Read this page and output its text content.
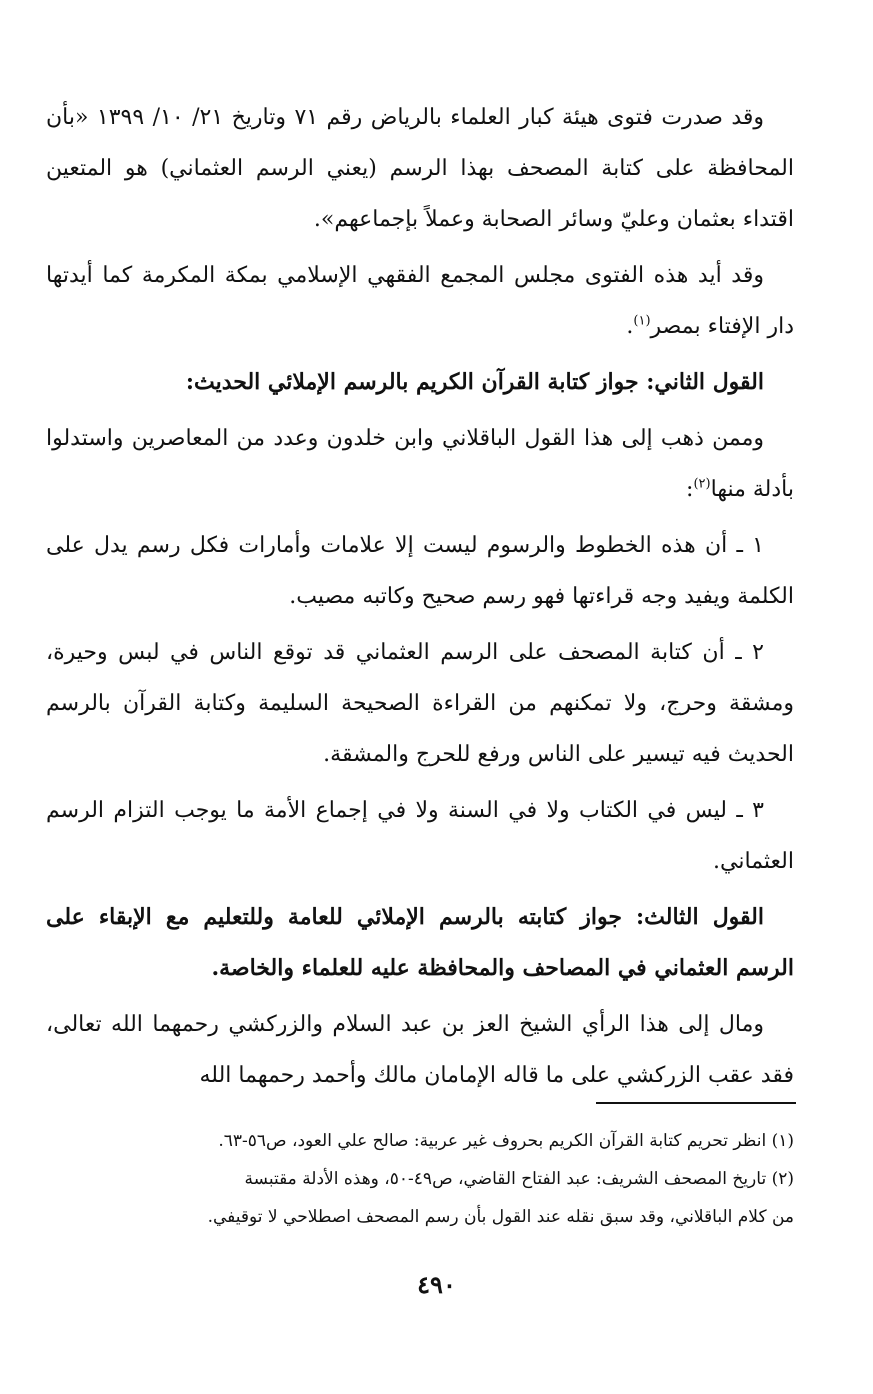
وقد صدرت فتوى هيئة كبار العلماء بالرياض رقم ٧١ وتاريخ ٢١/ ١٠/ ١٣٩٩ «بأن المحافظة على كتابة المصحف بهذا الرسم (يعني الرسم العثماني) هو المتعين اقتداء بعثمان وعليّ وسائر الصحابة وعملاً بإجماعهم».

وقد أيد هذه الفتوى مجلس المجمع الفقهي الإسلامي بمكة المكرمة كما أيدتها دار الإفتاء بمصر$^{(١)}$.

القول الثاني: جواز كتابة القرآن الكريم بالرسم الإملائي الحديث:

وممن ذهب إلى هذا القول الباقلاني وابن خلدون وعدد من المعاصرين واستدلوا بأدلة منها$^{(٢)}$:

١ ـ أن هذه الخطوط والرسوم ليست إلا علامات وأمارات فكل رسم يدل على الكلمة ويفيد وجه قراءتها فهو رسم صحيح وكاتبه مصيب.

٢ ـ أن كتابة المصحف على الرسم العثماني قد توقع الناس في لبس وحيرة، ومشقة وحرج، ولا تمكنهم من القراءة الصحيحة السليمة وكتابة القرآن بالرسم الحديث فيه تيسير على الناس ورفع للحرج والمشقة.

٣ ـ ليس في الكتاب ولا في السنة ولا في إجماع الأمة ما يوجب التزام الرسم العثماني.

القول الثالث: جواز كتابته بالرسم الإملائي للعامة وللتعليم مع الإبقاء على الرسم العثماني في المصاحف والمحافظة عليه للعلماء والخاصة.

ومال إلى هذا الرأي الشيخ العز بن عبد السلام والزركشي رحمهما الله تعالى، فقد عقب الزركشي على ما قاله الإمامان مالك وأحمد رحمهما الله

(١) انظر تحريم كتابة القرآن الكريم بحروف غير عربية: صالح علي العود، ص٥٦-٦٣.

(٢) تاريخ المصحف الشريف: عبد الفتاح القاضي، ص٤٩-٥٠، وهذه الأدلة مقتبسة

من كلام الباقلاني، وقد سبق نقله عند القول بأن رسم المصحف اصطلاحي لا توقيفي.

٤٩٠
